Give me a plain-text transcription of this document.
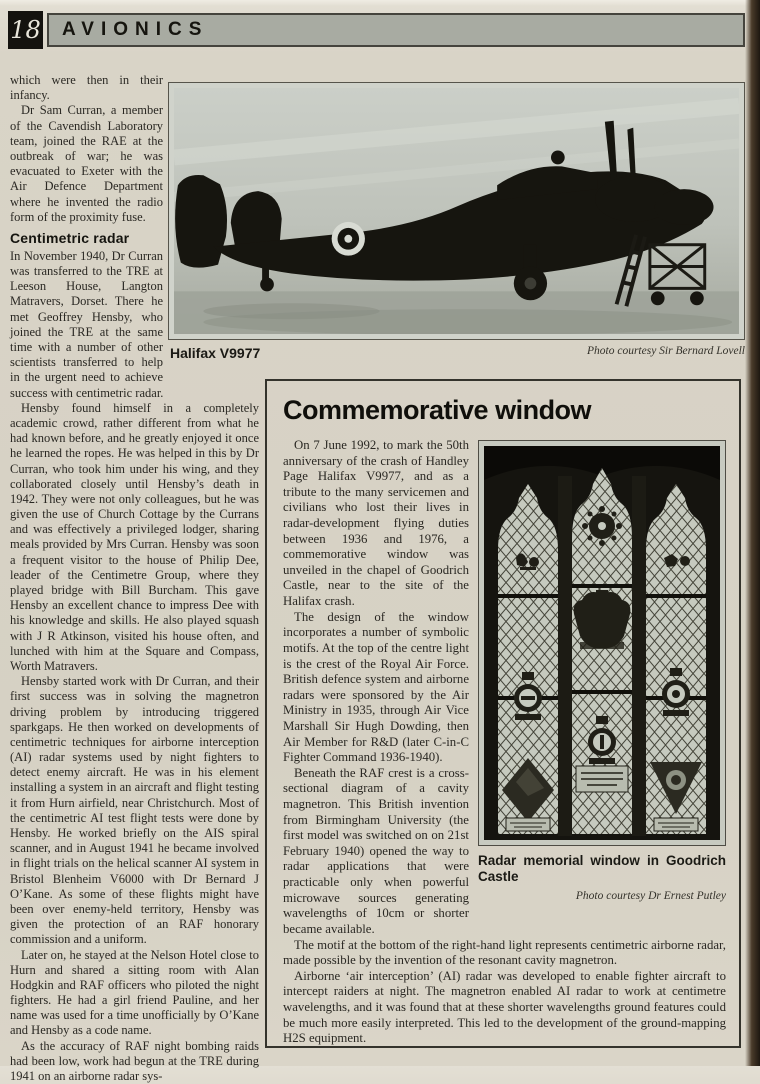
18	AVIONICS
Halifax V9977	Photo courtesy Sir Bernard Lovell

which were then in their infancy.

Dr Sam Curran, a member of the Cavendish Laboratory team, joined the RAE at the outbreak of war; he was evacuated to Exeter with the Air Defence Department where he invented the radio form of the proximity fuse.

Centimetric radar

In November 1940, Dr Curran was transferred to the TRE at Leeson House, Langton Matravers, Dorset. There he met Geoffrey Hensby, who joined the TRE at the same time with a number of other scientists transferred to help in the urgent need to achieve success with centimetric radar.

Hensby found himself in a completely academic crowd, rather different from what he had known before, and he greatly enjoyed it once he learned the ropes. He was helped in this by Dr Curran, who took him under his wing, and they collaborated closely until Hensby’s death in 1942. They were not only colleagues, but he was given the use of Church Cottage by the Currans and was effectively a privileged lodger, sharing meals provided by Mrs Curran. Hensby was soon a frequent visitor to the house of Philip Dee, leader of the Centimetre Group, where they played bridge with Bill Burcham. This gave Hensby an excellent chance to impress Dee with his knowledge and skills. He also played squash with J R Atkinson, visited his house often, and lunched with him at the Square and Compass, Worth Matravers.

Hensby started work with Dr Curran, and their first success was in solving the magnetron driving problem by introducing triggered sparkgaps. He then worked on developments of centimetric techniques for airborne interception (AI) radar systems used by night fighters to detect enemy aircraft. He was in his element installing a system in an aircraft and flight testing it from Hurn airfield, near Christchurch. Most of the centimetric AI test flight tests were done by Hensby. He worked briefly on the AIS spiral scanner, and in August 1941 he became involved in flight trials on the helical scanner AI system in Bristol Blenheim V6000 with Dr Bernard J O’Kane. As some of these flights might have been over enemy-held territory, Hensby was given the protection of an RAF honorary commission and a uniform.

Later on, he stayed at the Nelson Hotel close to Hurn and shared a sitting room with Alan Hodgkin and RAF officers who piloted the night fighters. He had a girl friend Pauline, and her name was used for a time unofficially by O’Kane and Hensby as a code name.

As the accuracy of RAF night bombing raids had been low, work had begun at the TRE during 1941 on an airborne radar sys-

Commemorative window
Radar memorial window in Goodrich Castle
Photo courtesy Dr Ernest Putley

On 7 June 1992, to mark the 50th anniversary of the crash of Handley Page Halifax V9977, and as a tribute to the many servicemen and civilians who lost their lives in radar-development flying duties between 1936 and 1976, a commemorative window was unveiled in the chapel of Goodrich Castle, near to the site of the Halifax crash.

The design of the window incorporates a number of symbolic motifs. At the top of the centre light is the crest of the Royal Air Force. British defence system and airborne radars were sponsored by the Air Ministry in 1935, through Air Vice Marshall Sir Hugh Dowding, then Air Member for R&D (later C-in-C Fighter Command 1936-1940).

Beneath the RAF crest is a cross-sectional diagram of a cavity magnetron. This British invention from Birmingham University (the first model was switched on on 21st February 1940) opened the way to radar applications that were practicable only when powerful microwave sources generating wavelengths of 10cm or shorter became available.

The motif at the bottom of the right-hand light represents centimetric airborne radar, made possible by the invention of the resonant cavity magnetron.

Airborne ‘air interception’ (AI) radar was developed to enable fighter aircraft to intercept raiders at night. The magnetron enabled AI radar to work at centimetre wavelengths, and it was found that at these shorter wavelengths ground features could be much more easily interpreted. This led to the development of the ground-mapping H2S equipment.
